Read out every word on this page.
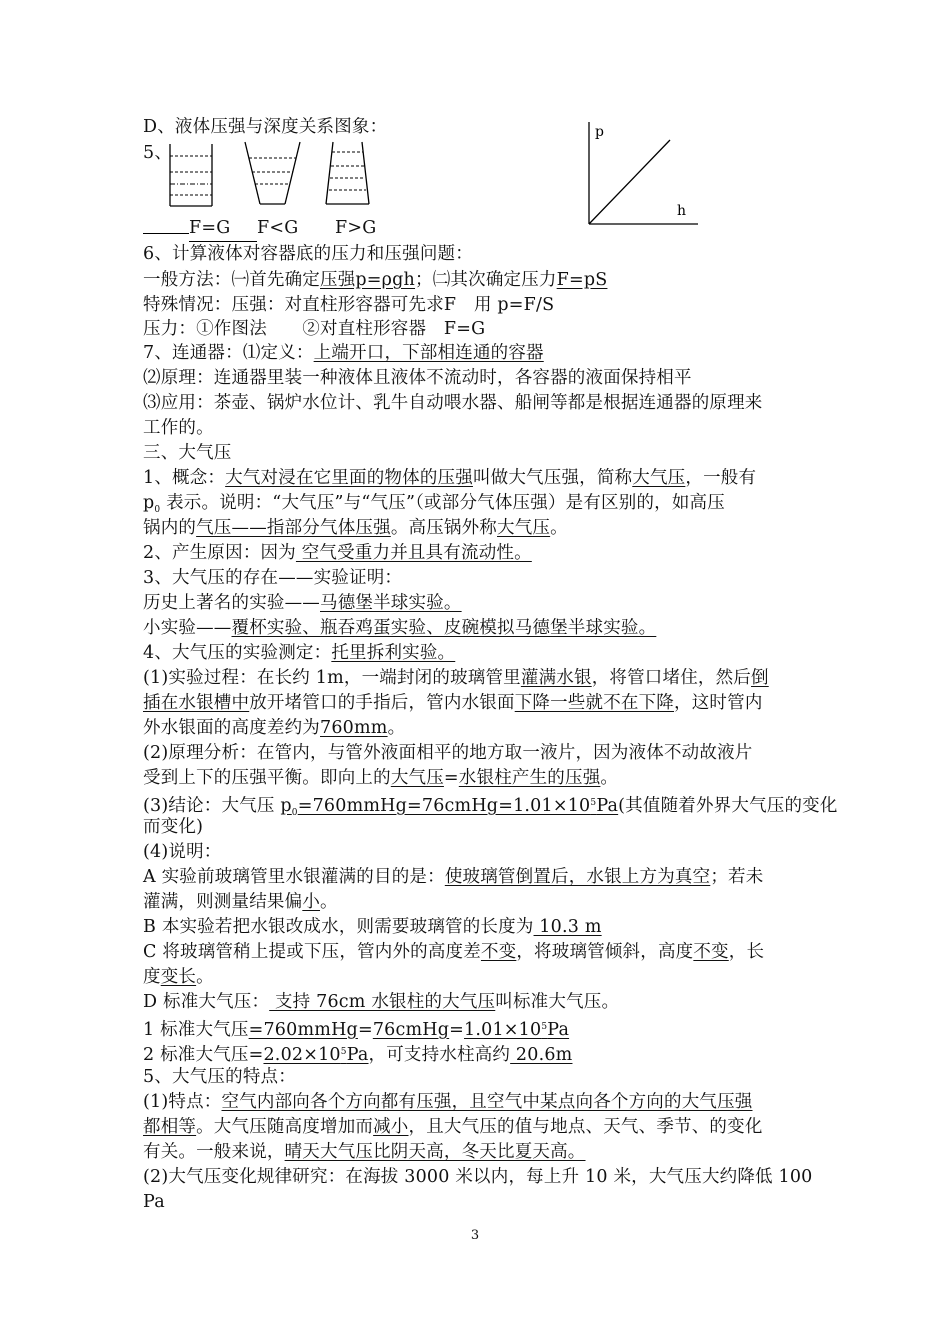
D、液体压强与深度关系图象：	p
h
5、
F=G F<G F>G
6、计算液体对容器底的压力和压强问题：
一般方法：㈠首先确定压强p=ρgh；㈡其次确定压力F=pS
特殊情况：压强：对直柱形容器可先求F　用 p=F/S
压力：①作图法　　②对直柱形容器　F=G
7、连通器：⑴定义：上端开口，下部相连通的容器
⑵原理：连通器里装一种液体且液体不流动时，各容器的液面保持相平
⑶应用：茶壶、锅炉水位计、乳牛自动喂水器、船闸等都是根据连通器的原理来
工作的。
三、大气压
1、概念：大气对浸在它里面的物体的压强叫做大气压强，简称大气压，一般有
$p_0$ 表示。说明：“大气压”与“气压”（或部分气体压强）是有区别的，如高压
锅内的气压——指部分气体压强。高压锅外称大气压。
2、产生原因：因为 空气受重力并且具有流动性。
3、大气压的存在——实验证明：
历史上著名的实验——马德堡半球实验。
小实验——覆杯实验、瓶吞鸡蛋实验、皮碗模拟马德堡半球实验。
4、大气压的实验测定：托里拆利实验。
(1)实验过程：在长约 1m，一端封闭的玻璃管里灌满水银，将管口堵住，然后倒
插在水银槽中放开堵管口的手指后，管内水银面下降一些就不在下降，这时管内
外水银面的高度差约为760mm。
(2)原理分析：在管内，与管外液面相平的地方取一液片，因为液体不动故液片
受到上下的压强平衡。即向上的大气压=水银柱产生的压强。
(3)结论：大气压 $p_0=760mmHg=76cmHg=1.01\times 10^5Pa$(其值随着外界大气压的变化
而变化)
(4)说明：
A 实验前玻璃管里水银灌满的目的是：使玻璃管倒置后，水银上方为真空；若未
灌满，则测量结果偏小。
B 本实验若把水银改成水，则需要玻璃管的长度为 10.3 m
C 将玻璃管稍上提或下压，管内外的高度差不变，将玻璃管倾斜，高度不变，长
度变长。
D 标准大气压： 支持 76cm 水银柱的大气压叫标准大气压。
1 标准大气压$=760mmHg=76cmHg=1.01\times 10^5Pa$
2 标准大气压$=2.02\times 10^5Pa$，可支持水柱高约 20.6m
5、大气压的特点：
(1)特点：空气内部向各个方向都有压强，且空气中某点向各个方向的大气压强
都相等。大气压随高度增加而减小，且大气压的值与地点、天气、季节、的变化
有关。一般来说，晴天大气压比阴天高，冬天比夏天高。
(2)大气压变化规律研究：在海拔 3000 米以内，每上升 10 米，大气压大约降低 100
Pa
3
